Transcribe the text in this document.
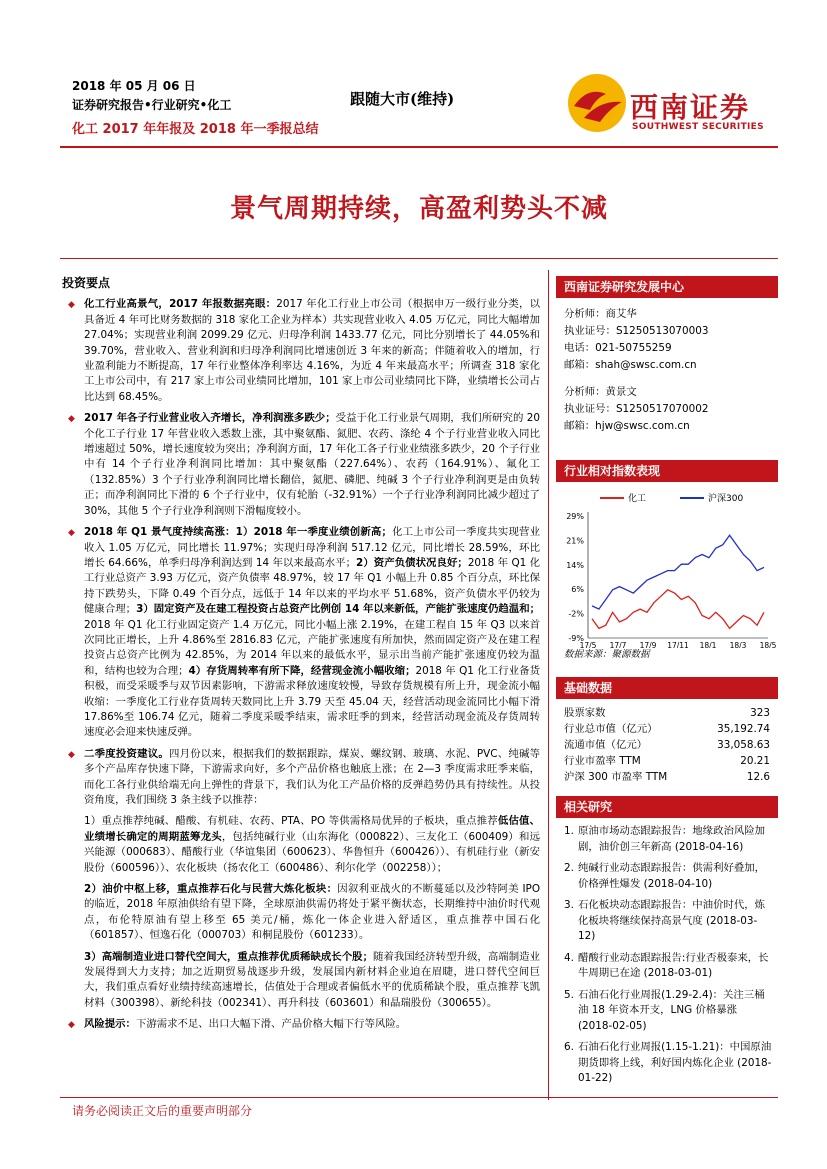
2018 年 05 月 06 日
证券研究报告•行业研究•化工
化工 2017 年年报及 2018 年一季报总结
跟随大市(维持)	西南证券
SOUTHWEST SECURITIES
景气周期持续，高盈利势头不减
投资要点
◆ 化工行业高景气，2017 年报数据亮眼：2017 年化工行业上市公司（根据申万一级行业分类，以具备近 4 年可比财务数据的 318 家化工企业为样本）共实现营业收入 4.05 万亿元，同比大幅增加 27.04%；实现营业利润 2099.29 亿元、归母净利润 1433.77 亿元，同比分别增长了 44.05%和 39.70%，营业收入、营业利润和归母净利润同比增速创近 3 年来的新高；伴随着收入的增加，行业盈利能力不断提高，17 年行业整体净利率达 4.16%，为近 4 年来最高水平；所调查 318 家化工上市公司中，有 217 家上市公司业绩同比增加，101 家上市公司业绩同比下降，业绩增长公司占比达到 68.45%。
◆ 2017 年各子行业营业收入齐增长，净利润涨多跌少；受益于化工行业景气周期，我们所研究的 20 个化工子行业 17 年营业收入悉数上涨，其中聚氨酯、氮肥、农药、涤纶 4 个子行业营业收入同比增速超过 50%，增长速度较为突出；净利润方面，17 年化工各子行业业绩涨多跌少，20 个子行业中有 14 个子行业净利润同比增加：其中聚氨酯（227.64%）、农药（164.91%）、氟化工（132.85%）3 个子行业净利润同比增长翻倍，氮肥、磷肥、纯碱 3 个子行业净利润更是由负转正；而净利润同比下滑的 6 个子行业中，仅有轮胎（-32.91%）一个子行业净利润同比减少超过了 30%，其他 5 个子行业净利润则下滑幅度较小。
◆ 2018 年 Q1 景气度持续高涨：1）2018 年一季度业绩创新高；化工上市公司一季度共实现营业收入 1.05 万亿元，同比增长 11.97%；实现归母净利润 517.12 亿元，同比增长 28.59%，环比增长 64.66%，单季归母净利润达到 14 年以来最高水平；2）资产负债状况良好；2018 年 Q1 化工行业总资产 3.93 万亿元，资产负债率 48.97%，较 17 年 Q1 小幅上升 0.85 个百分点，环比保持下跌势头，下降 0.49 个百分点，远低于 14 年以来的平均水平 51.68%，资产负债水平仍较为健康合理；3）固定资产及在建工程投资占总资产比例创 14 年以来新低，产能扩张速度仍趋温和；2018 年 Q1 化工行业固定资产 1.4 万亿元，同比小幅上涨 2.19%，在建工程自 15 年 Q3 以来首次同比正增长，上升 4.86%至 2816.83 亿元，产能扩张速度有所加快，然而固定资产及在建工程投资占总资产比例为 42.85%，为 2014 年以来的最低水平，显示出当前产能扩张速度仍较为温和，结构也较为合理；4）存货周转率有所下降，经营现金流小幅收缩；2018 年 Q1 化工行业备货积极，而受采暖季与双节因素影响，下游需求释放速度较慢，导致存货规模有所上升，现金流小幅收缩：一季度化工行业存货周转天数同比上升 3.79 天至 45.04 天，经营活动现金流同比小幅下滑 17.86%至 106.74 亿元，随着二季度采暖季结束，需求旺季的到来，经营活动现金流及存货周转速度必会迎来快速反弹。
◆ 二季度投资建议。四月份以来，根据我们的数据跟踪，煤炭、螺纹钢、玻璃、水泥、PVC、纯碱等多个产品库存快速下降，下游需求向好，多个产品价格也触底上涨；在 2—3 季度需求旺季来临，而化工各行业供给端无向上弹性的背景下，我们认为化工产品价格的反弹趋势仍具有持续性。从投资角度，我们围绕 3 条主线予以推荐：
1）重点推荐纯碱、醋酸、有机硅、农药、PTA、PO 等供需格局优异的子板块，重点推荐低估值、业绩增长确定的周期蓝筹龙头，包括纯碱行业（山东海化（000822）、三友化工（600409）和远兴能源（000683）、醋酸行业（华谊集团（600623）、华鲁恒升（600426））、有机硅行业（新安股份（600596））、农化板块（扬农化工（600486）、利尔化学（002258））；
2）油价中枢上移，重点推荐石化与民营大炼化板块：因叙利亚战火的不断蔓延以及沙特阿美 IPO 的临近，2018 年原油供给有望下降，全球原油供需仍将处于紧平衡状态，长期维持中油价时代观点，布伦特原油有望上移至 65 美元/桶，炼化一体企业进入舒适区，重点推荐中国石化（601857）、恒逸石化（000703）和桐昆股份（601233）。
3）高端制造业进口替代空间大，重点推荐优质稀缺成长个股；随着我国经济转型升级，高端制造业发展得到大力支持；加之近期贸易战逐步升级，发展国内新材料企业迫在眉睫，进口替代空间巨大，我们重点看好业绩持续高速增长，估值处于合理或者偏低水平的优质稀缺个股，重点推荐飞凯材料（300398）、新纶科技（002341）、再升科技（603601）和晶瑞股份（300655）。
◆ 风险提示：下游需求不足、出口大幅下滑、产品价格大幅下行等风险。
西南证券研究发展中心
分析师：商艾华
执业证号：S1250513070003
电话：021-50755259
邮箱：shah@swsc.com.cn
分析师：黄景文
执业证号：S1250517070002
邮箱：hjw@swsc.com.cn
行业相对指数表现
化工	沪深300
29%
21%
14%
6%
-2%
-9%
17/5 17/7 17/9 17/11 18/1 18/3 18/5
数据来源：聚源数据
基础数据
股票家数	323
行业总市值（亿元）	35,192.74
流通市值（亿元）	33,058.63
行业市盈率 TTM	20.21
沪深 300 市盈率 TTM	12.6
相关研究
1. 原油市场动态跟踪报告：地缘政治风险加剧，油价创三年新高 (2018-04-16)
2. 纯碱行业动态跟踪报告：供需利好叠加，价格弹性爆发 (2018-04-10)
3. 石化板块动态跟踪报告：中油价时代，炼化板块将继续保持高景气度 (2018-03-12)
4. 醋酸行业动态跟踪报告:行业否极泰来，长牛周期已在途 (2018-03-01)
5. 石油石化行业周报(1.29-2.4)：关注三桶油 18 年资本开支，LNG 价格暴涨 (2018-02-05)
6. 石油石化行业周报(1.15-1.21)：中国原油期货即将上线，利好国内炼化企业 (2018-01-22)
请务必阅读正文后的重要声明部分
